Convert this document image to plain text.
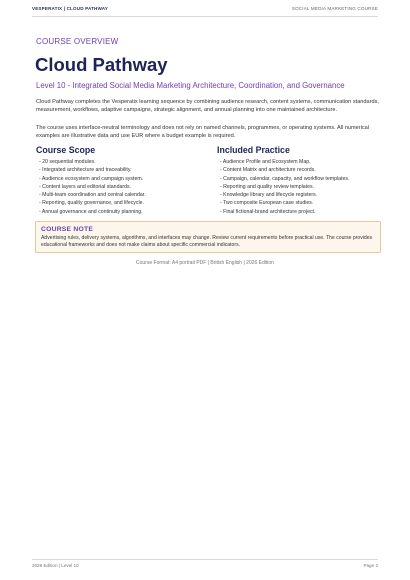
VESPERATIX | CLOUD PATHWAY	SOCIAL MEDIA MARKETING COURSE
COURSE OVERVIEW
Cloud Pathway
Level 10 - Integrated Social Media Marketing Architecture, Coordination, and Governance

Cloud Pathway completes the Vesperatix learning sequence by combining audience research, content systems, communication standards, measurement, workflows, adaptive campaigns, strategic alignment, and annual planning into one maintained architecture.

The course uses interface-neutral terminology and does not rely on named channels, programmes, or operating systems. All numerical examples are illustrative data and use EUR where a budget example is required.

Course Scope
- 20 sequential modules.
- Integrated architecture and traceability.
- Audience ecosystem and campaign system.
- Content layers and editorial standards.
- Multi-team coordination and central calendar.
- Reporting, quality governance, and lifecycle.
- Annual governance and continuity planning.
Included Practice
- Audience Profile and Ecosystem Map.
- Content Matrix and architecture records.
- Campaign, calendar, capacity, and workflow templates.
- Reporting and quality review templates.
- Knowledge library and lifecycle registers.
- Two composite European case studies.
- Final fictional-brand architecture project.
COURSE NOTE
Advertising rules, delivery systems, algorithms, and interfaces may change. Review current requirements before practical use. The course provides educational frameworks and does not make claims about specific commercial indicators.
Course Format: A4 portrait PDF | British English | 2026 Edition
2026 Edition | Level 10	Page 2
